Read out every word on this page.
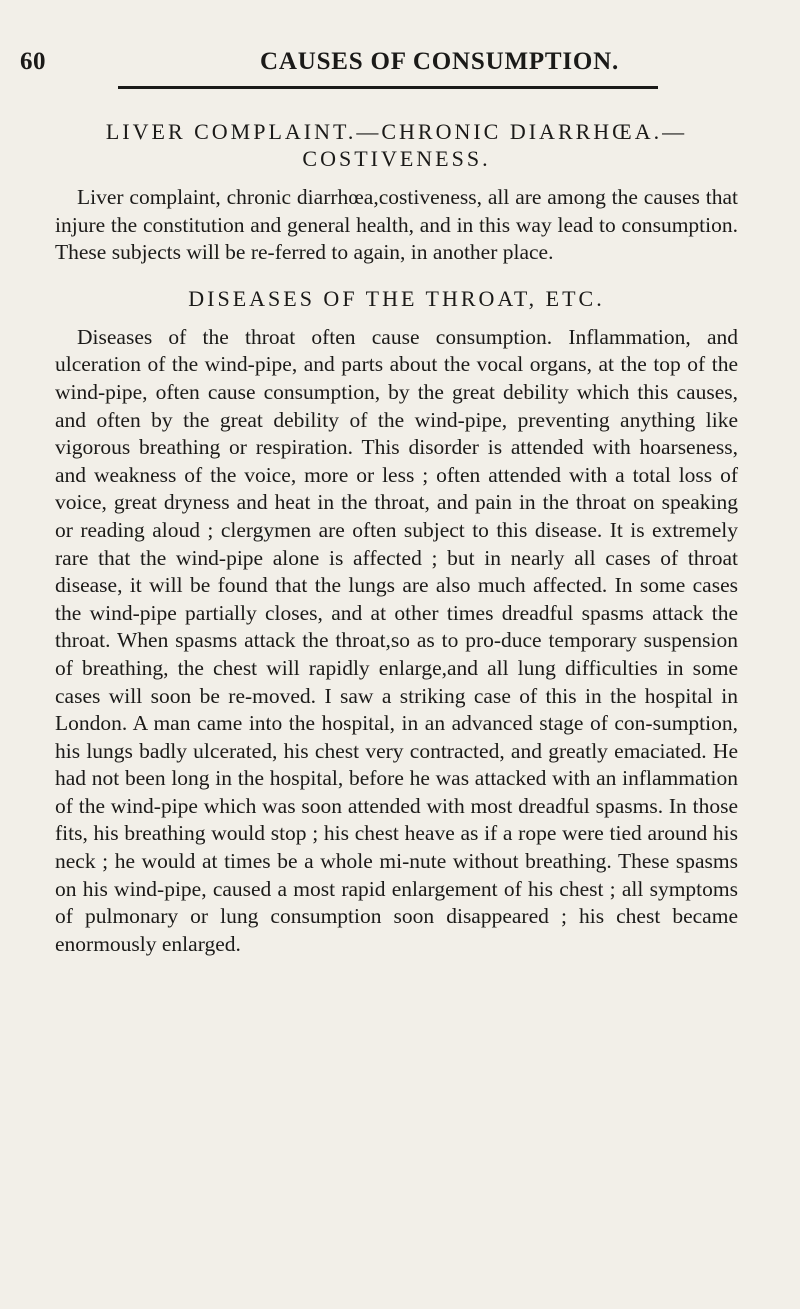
60	CAUSES OF CONSUMPTION.
LIVER COMPLAINT.—CHRONIC DIARRHŒA.—
COSTIVENESS.

Liver complaint, chronic diarrhœa,costiveness, all are among the causes that injure the constitution and general health, and in this way lead to consumption. These subjects will be re-ferred to again, in another place.

DISEASES OF THE THROAT, ETC.

Diseases of the throat often cause consumption. Inflammation, and ulceration of the wind-pipe, and parts about the vocal organs, at the top of the wind-pipe, often cause consumption, by the great debility which this causes, and often by the great debility of the wind-pipe, preventing anything like vigorous breathing or respiration. This disorder is attended with hoarseness, and weakness of the voice, more or less ; often attended with a total loss of voice, great dryness and heat in the throat, and pain in the throat on speaking or reading aloud ; clergymen are often subject to this disease. It is extremely rare that the wind-pipe alone is affected ; but in nearly all cases of throat disease, it will be found that the lungs are also much affected. In some cases the wind-pipe partially closes, and at other times dreadful spasms attack the throat. When spasms attack the throat,so as to pro-duce temporary suspension of breathing, the chest will rapidly enlarge,and all lung difficulties in some cases will soon be re-moved. I saw a striking case of this in the hospital in London. A man came into the hospital, in an advanced stage of con-sumption, his lungs badly ulcerated, his chest very contracted, and greatly emaciated. He had not been long in the hospital, before he was attacked with an inflammation of the wind-pipe which was soon attended with most dreadful spasms. In those fits, his breathing would stop ; his chest heave as if a rope were tied around his neck ; he would at times be a whole mi-nute without breathing. These spasms on his wind-pipe, caused a most rapid enlargement of his chest ; all symptoms of pulmonary or lung consumption soon disappeared ; his chest became enormously enlarged.
